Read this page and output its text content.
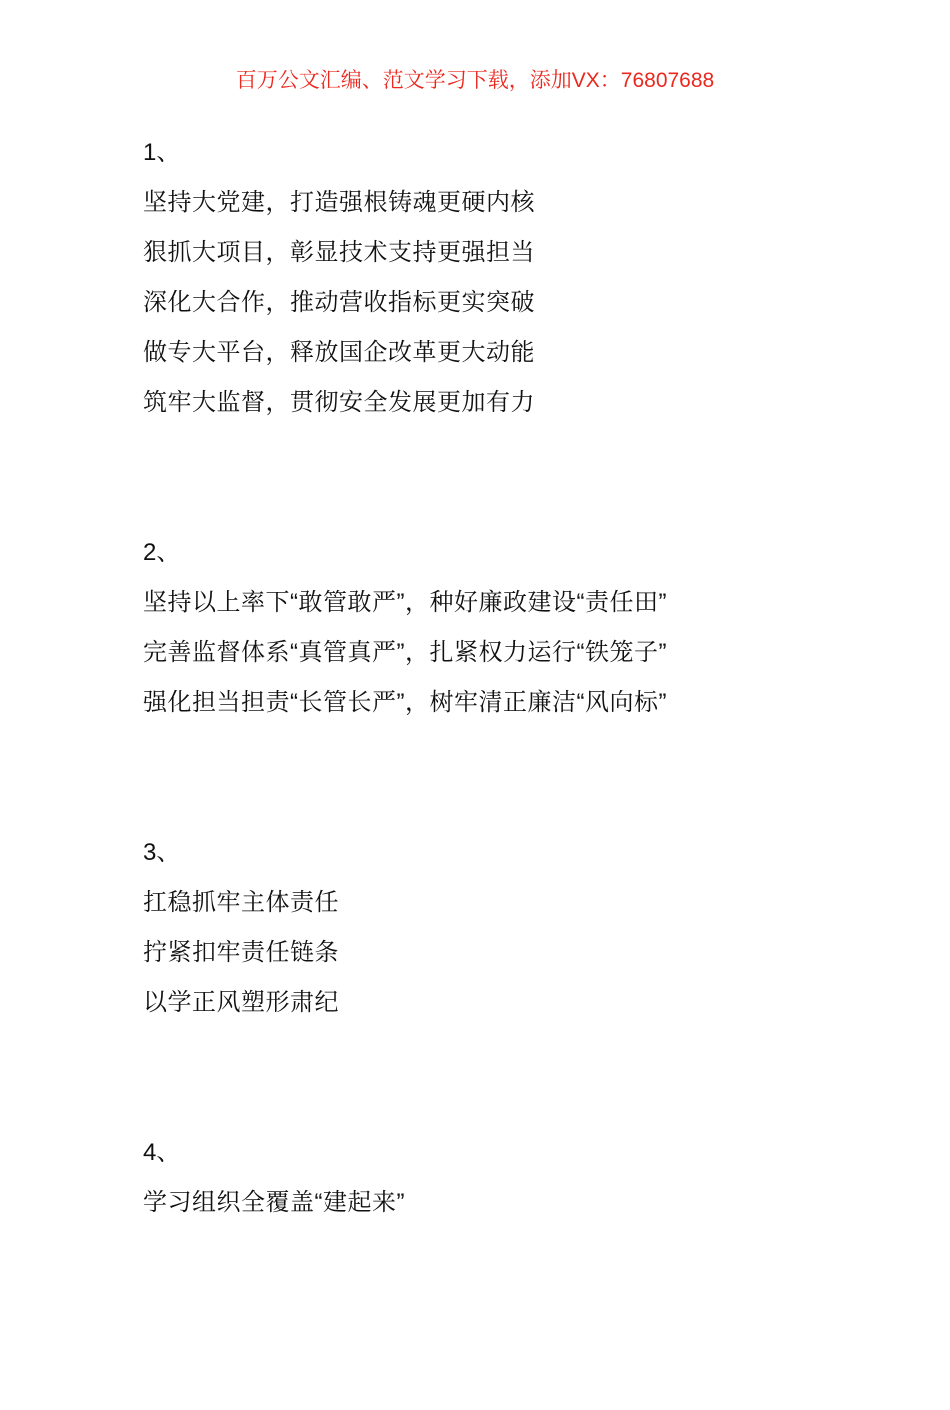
百万公文汇编、范文学习下载，添加VX：76807688
1、
坚持大党建，打造强根铸魂更硬内核
狠抓大项目，彰显技术支持更强担当
深化大合作，推动营收指标更实突破
做专大平台，释放国企改革更大动能
筑牢大监督，贯彻安全发展更加有力
2、
坚持以上率下“敢管敢严”，种好廉政建设“责任田”
完善监督体系“真管真严”，扎紧权力运行“铁笼子”
强化担当担责“长管长严”，树牢清正廉洁“风向标”
3、
扛稳抓牢主体责任
拧紧扣牢责任链条
以学正风塑形肃纪
4、
学习组织全覆盖“建起来”
